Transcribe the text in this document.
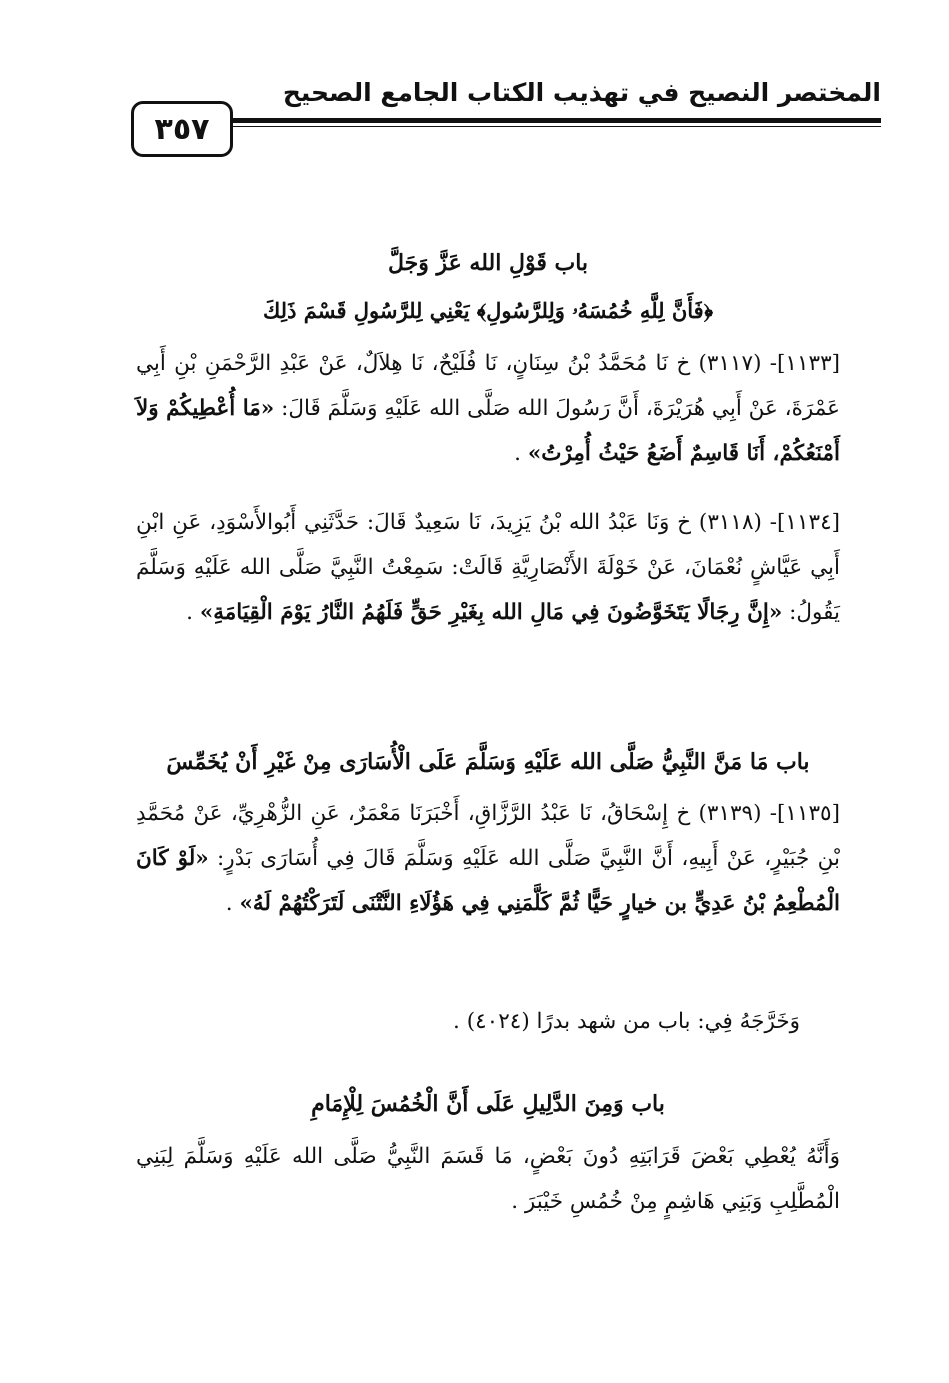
المختصر النصيح في تهذيب الكتاب الجامع الصحيح
٣٥٧
باب قَوْلِ الله عَزَّ وَجَلَّ
﴿فَأَنَّ لِلَّهِ خُمُسَهُۥ وَلِلرَّسُولِ﴾ يَعْنِي لِلرَّسُولِ قَسْمَ ذَلِكَ
[١١٣٣]- (٣١١٧) خ نَا مُحَمَّدُ بْنُ سِنَانٍ، نَا فُلَيْحٌ، نَا هِلاَلٌ، عَنْ عَبْدِ الرَّحْمَنِ بْنِ أَبِي عَمْرَةَ، عَنْ أَبِي هُرَيْرَةَ، أَنَّ رَسُولَ الله صَلَّى الله عَلَيْهِ وَسَلَّمَ قَالَ: «مَا أُعْطِيكُمْ وَلاَ أَمْنَعُكُمْ، أَنَا قَاسِمٌ أَضَعُ حَيْثُ أُمِرْتُ» .
[١١٣٤]- (٣١١٨) خ وَنَا عَبْدُ الله بْنُ يَزِيدَ، نَا سَعِيدٌ قَالَ: حَدَّثَنِي أَبُوالأَسْوَدِ، عَنِ ابْنِ أَبِي عَيَّاشٍ نُعْمَانَ، عَنْ خَوْلَةَ الأَنْصَارِيَّةِ قَالَتْ: سَمِعْتُ النَّبِيَّ صَلَّى الله عَلَيْهِ وَسَلَّمَ يَقُولُ: «إِنَّ رِجَالًا يَتَخَوَّضُونَ فِي مَالِ الله بِغَيْرِ حَقٍّ فَلَهُمُ النَّارُ يَوْمَ الْقِيَامَةِ» .
باب مَا مَنَّ النَّبِيُّ صَلَّى الله عَلَيْهِ وَسَلَّمَ عَلَى الْأُسَارَى مِنْ غَيْرِ أَنْ يُخَمِّسَ
[١١٣٥]- (٣١٣٩) خ إِسْحَاقُ، نَا عَبْدُ الرَّزَّاقِ، أَخْبَرَنَا مَعْمَرٌ، عَنِ الزُّهْرِيِّ، عَنْ مُحَمَّدِ بْنِ جُبَيْرٍ، عَنْ أَبِيهِ، أَنَّ النَّبِيَّ صَلَّى الله عَلَيْهِ وَسَلَّمَ قَالَ فِي أُسَارَى بَدْرٍ: «لَوْ كَانَ الْمُطْعِمُ بْنُ عَدِيٍّ بن خيارٍ حَيًّا ثُمَّ كَلَّمَنِي فِي هَؤُلَاءِ النَّتْنَى لَتَرَكْتُهُمْ لَهُ» .
وَخَرَّجَهُ فِي: باب من شهد بدرًا (٤٠٢٤) .
باب وَمِنَ الدَّلِيلِ عَلَى أَنَّ الْخُمُسَ لِلْإِمَامِ
وَأَنَّهُ يُعْطِي بَعْضَ قَرَابَتِهِ دُونَ بَعْضٍ، مَا قَسَمَ النَّبِيُّ صَلَّى الله عَلَيْهِ وَسَلَّمَ لِبَنِي الْمُطَّلِبِ وَبَنِي هَاشِمٍ مِنْ خُمُسِ خَيْبَرَ .
